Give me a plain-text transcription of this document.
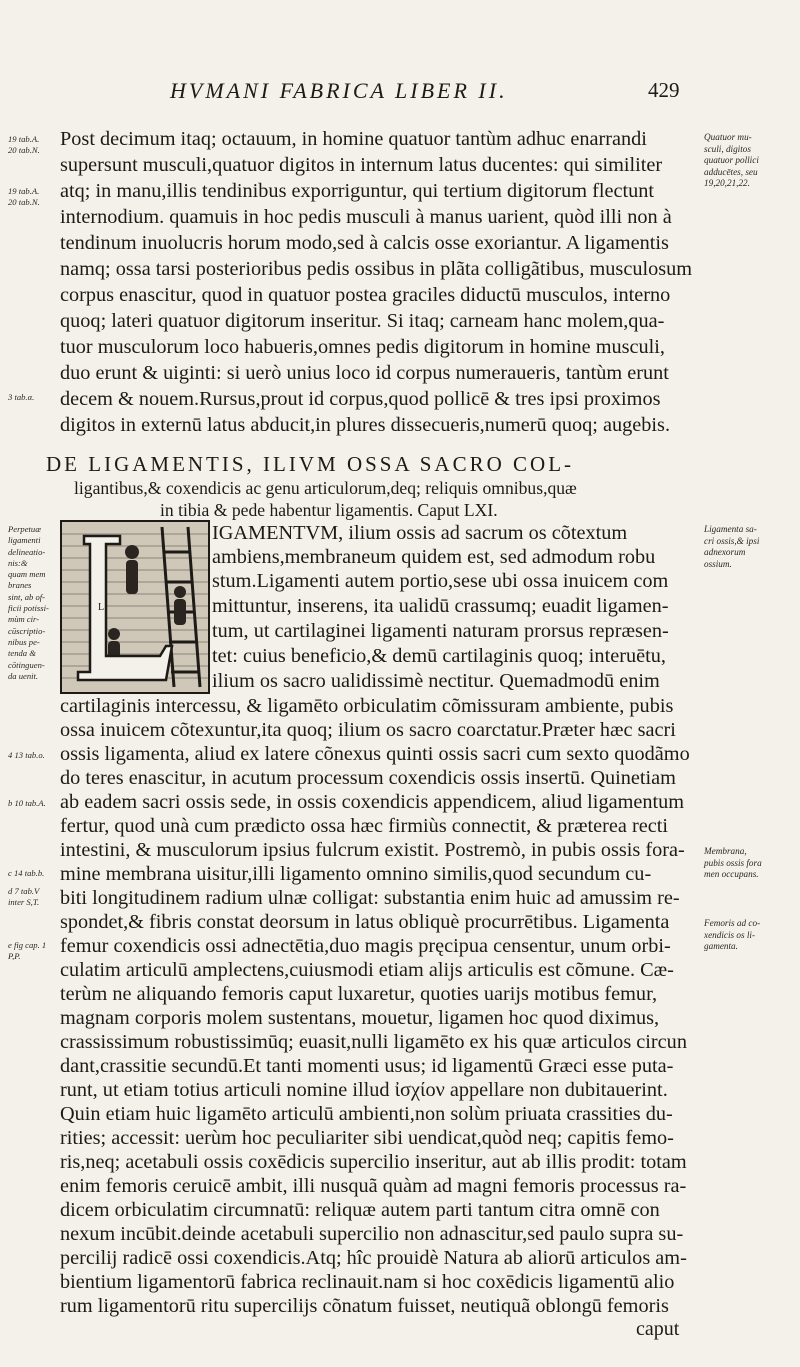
HVMANI FABRICA LIBER II.	429
Post decimum itaq; octauum, in homine quatuor tantùm adhuc enarrandi
supersunt musculi,quatuor digitos in internum latus ducentes: qui similiter
atq; in manu,illis tendinibus exporriguntur, qui tertium digitorum flectunt
internodium. quamuis in hoc pedis musculi à manus uarient, quòd illi non à
tendinum inuolucris horum modo,sed à calcis osse exoriantur. A ligamentis
namq; ossa tarsi posterioribus pedis ossibus in plãta colligãtibus, musculosum
corpus enascitur, quod in quatuor postea graciles diductū musculos, interno
quoq; lateri quatuor digitorum inseritur. Si itaq; carneam hanc molem,qua-
tuor musculorum loco habueris,omnes pedis digitorum in homine musculi,
duo erunt & uiginti: si uerò unius loco id corpus numeraueris, tantùm erunt
decem & nouem.Rursus,prout id corpus,quod pollicē & tres ipsi proximos
digitos in externū latus abducit,in plures dissecueris,numerū quoq; augebis.
DE LIGAMENTIS, ILIVM OSSA SACRO COL-
ligantibus,& coxendicis ac genu articulorum,deq; reliquis omnibus,quæ
in tibia & pede habentur ligamentis. Caput LXI.
L
IGAMENTVM, ilium ossis ad sacrum os cõtextum
ambiens,membraneum quidem est, sed admodum robu
stum.Ligamenti autem portio,sese ubi ossa inuicem com
mittuntur, inserens, ita ualidū crassumq; euadit ligamen-
tum, ut cartilaginei ligamenti naturam prorsus repræsen-
tet: cuius beneficio,& demū cartilaginis quoq; interuētu,
ilium os sacro ualidissimè nectitur. Quemadmodū enim
cartilaginis intercessu, & ligamēto orbiculatim cõmissuram ambiente, pubis
ossa inuicem cõtexuntur,ita quoq; ilium os sacro coarctatur.Præter hæc sacri
ossis ligamenta, aliud ex latere cõnexus quinti ossis sacri cum sexto quodãmo
do teres enascitur, in acutum processum coxendicis ossis insertū. Quinetiam
ab eadem sacri ossis sede, in ossis coxendicis appendicem, aliud ligamentum
fertur, quod unà cum prædicto ossa hæc firmiùs connectit, & præterea recti
intestini, & musculorum ipsius fulcrum existit. Postremò, in pubis ossis fora-
mine membrana uisitur,illi ligamento omnino similis,quod secundum cu-
biti longitudinem radium ulnæ colligat: substantia enim huic ad amussim re-
spondet,& fibris constat deorsum in latus obliquè procurrētibus. Ligamenta
femur coxendicis ossi adnectētia,duo magis pręcipua censentur, unum orbi-
culatim articulū amplectens,cuiusmodi etiam alijs articulis est cõmune. Cæ-
terùm ne aliquando femoris caput luxaretur, quoties uarijs motibus femur,
magnam corporis molem sustentans, mouetur, ligamen hoc quod diximus,
crassissimum robustissimūq; euasit,nulli ligamēto ex his quæ articulos circun
dant,crassitie secundū.Et tanti momenti usus; id ligamentū Græci esse puta-
runt, ut etiam totius articuli nomine illud ἰσχίον appellare non dubitauerint.
Quin etiam huic ligamēto articulū ambienti,non solùm priuata crassities du-
rities; accessit: uerùm hoc peculiariter sibi uendicat,quòd neq; capitis femo-
ris,neq; acetabuli ossis coxēdicis supercilio inseritur, aut ab illis prodit: totam
enim femoris ceruicē ambit, illi nusquã quàm ad magni femoris processus ra-
dicem orbiculatim circumnatū: reliquæ autem parti tantum citra omnē con
nexum incūbit.deinde acetabuli supercilio non adnascitur,sed paulo supra su-
percilij radicē ossi coxendicis.Atq; hîc prouidè Natura ab aliorū articulos am-
bientium ligamentorū fabrica reclinauit.nam si hoc coxēdicis ligamentū alio
rum ligamentorū ritu supercilijs cõnatum fuisset, neutiquã oblongū femoris
caput
Quatuor mu-
sculi, digitos
quatuor pollici
adducētes, seu
19,20,21,22.
Ligamenta sa-
cri ossis,& ipsi
adnexorum
ossium.
Membrana,
pubis ossis fora
men occupans.
Femoris ad co-
xendicis os li-
gamenta.
19 tab.A.
20 tab.N.
19 tab.A.
20 tab.N.
3 tab.α.
Perpetuæ
ligamenti
delineatio-
nis:&
quam mem
branes
sint, ab of-
ficii potissi-
mùm cir-
cūscriptio-
nibus pe-
tenda &
cōtinguen-
da uenit.
4 13 tab.o.
b 10 tab.A.
c 14 tab.b.
d 7 tab.V
inter S,T.
e fig cap. 1
P,P.
